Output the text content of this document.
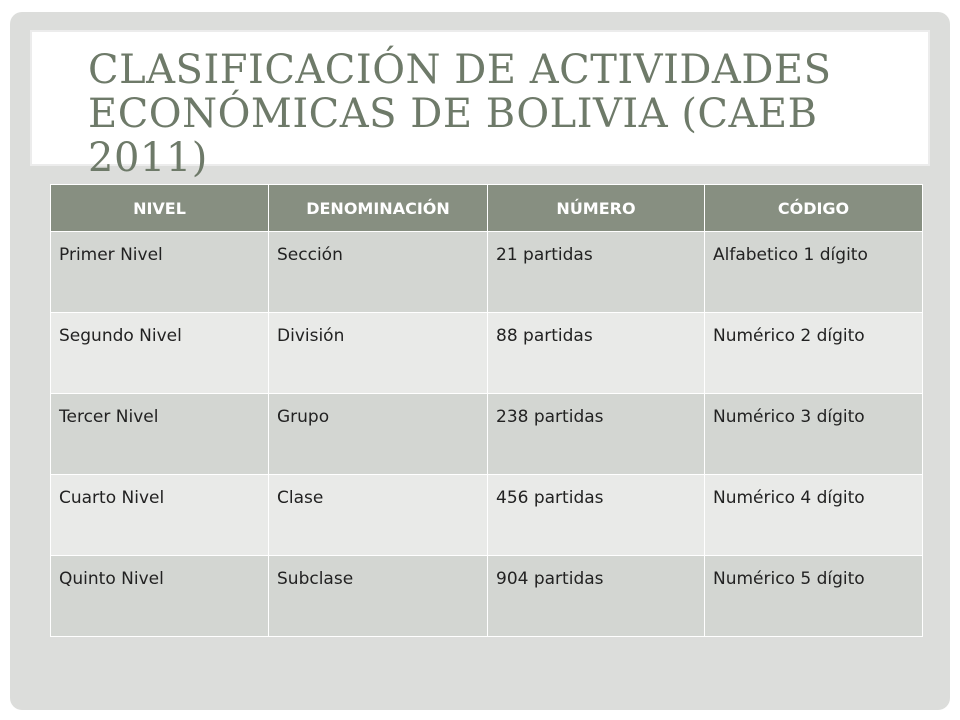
CLASIFICACIÓN DE ACTIVIDADES ECONÓMICAS DE BOLIVIA (CAEB 2011)
NIVEL	DENOMINACIÓN	NÚMERO	CÓDIGO
Primer Nivel	Sección	21 partidas	Alfabetico 1 dígito
Segundo Nivel	División	88 partidas	Numérico 2 dígito
Tercer Nivel	Grupo	238 partidas	Numérico 3 dígito
Cuarto Nivel	Clase	456 partidas	Numérico 4 dígito
Quinto Nivel	Subclase	904 partidas	Numérico 5 dígito
